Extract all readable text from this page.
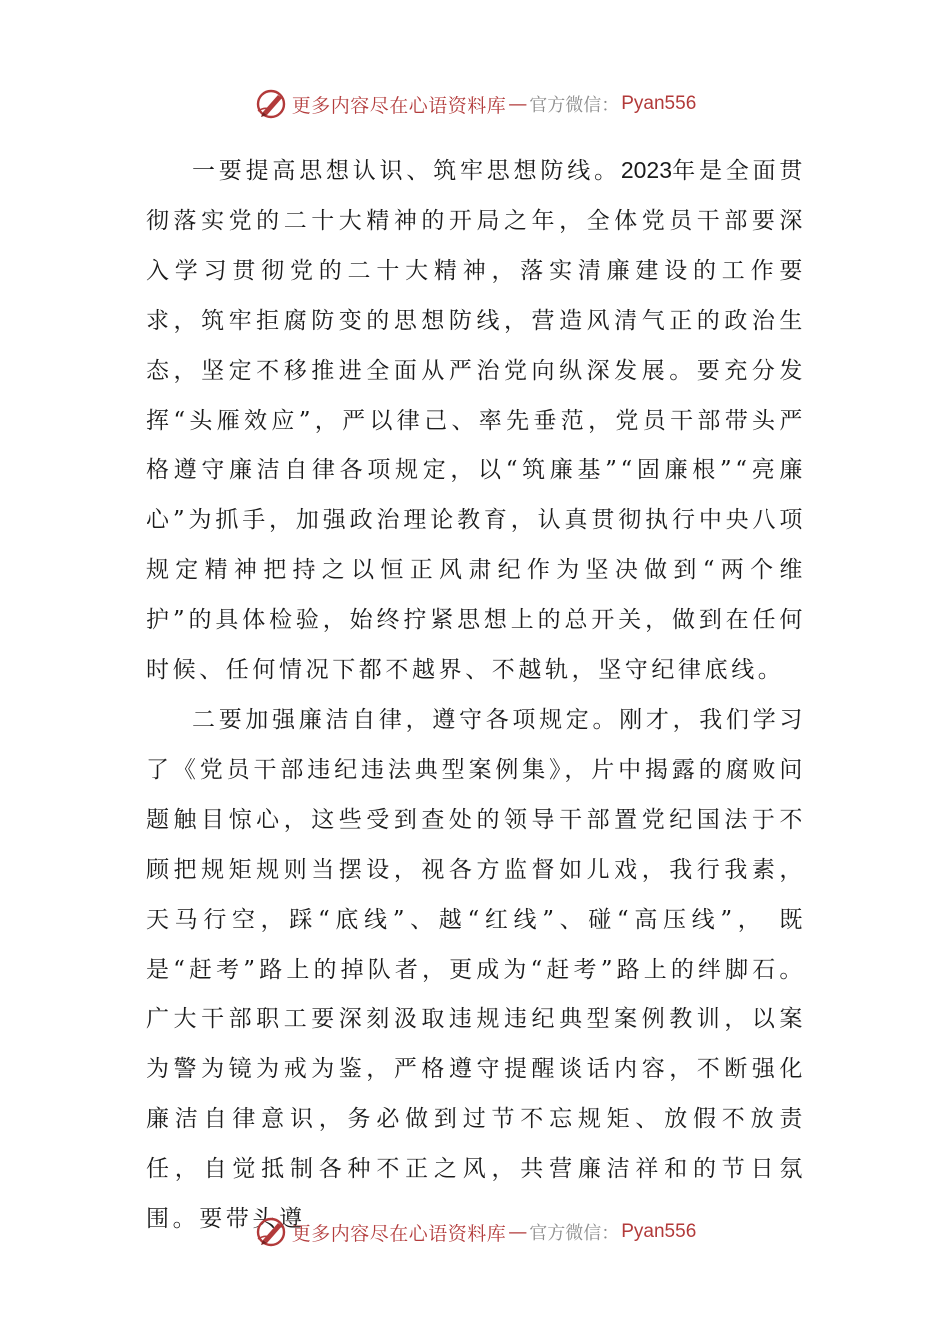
更多内容尽在心语资料库 — 官方微信： Pyan556

一要提高思想认识、筑牢思想防线。2023年是全面贯彻落实党的二十大精神的开局之年，全体党员干部要深入学习贯彻党的二十大精神，落实清廉建设的工作要求，筑牢拒腐防变的思想防线，营造风清气正的政治生态，坚定不移推进全面从严治党向纵深发展。要充分发挥“头雁效应”，严以律己、率先垂范，党员干部带头严格遵守廉洁自律各项规定，以“筑廉基”“固廉根”“亮廉心”为抓手，加强政治理论教育，认真贯彻执行中央八项规定精神把持之以恒正风肃纪作为坚决做到“两个维护”的具体检验，始终拧紧思想上的总开关，做到在任何时候、任何情况下都不越界、不越轨，坚守纪律底线。

二要加强廉洁自律，遵守各项规定。刚才，我们学习了《党员干部违纪违法典型案例集》，片中揭露的腐败问题触目惊心，这些受到查处的领导干部置党纪国法于不顾把规矩规则当摆设，视各方监督如儿戏，我行我素，天马行空，踩“底线”、越“红线”、碰“高压线”， 既是“赶考”路上的掉队者，更成为“赶考”路上的绊脚石。广大干部职工要深刻汲取违规违纪典型案例教训，以案为警为镜为戒为鉴，严格遵守提醒谈话内容，不断强化廉洁自律意识，务必做到过节不忘规矩、放假不放责任，自觉抵制各种不正之风，共营廉洁祥和的节日氛围。要带头遵

更多内容尽在心语资料库 — 官方微信： Pyan556
